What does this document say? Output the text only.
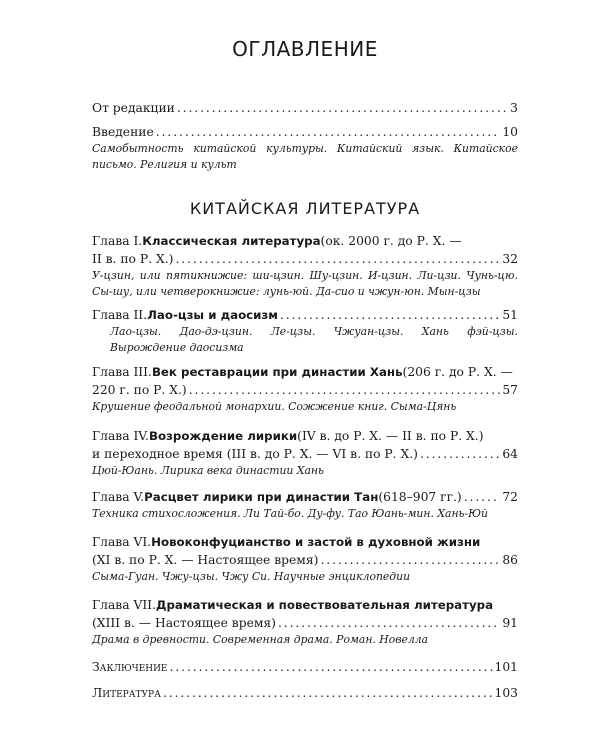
ОГЛАВЛЕНИЕ
От редакции . . .	3
Введение . . .	10
Самобытность китайской культуры. Китайский язык. Китайское письмо. Религия и культ
КИТАЙСКАЯ ЛИТЕРАТУРА
Глава I. Классическая литература (ок. 2000 г. до Р. Х. —
II в. по Р. Х.) . . .	32
У-цзин, или пятикнижие: ши-цзин. Шу-цзин. И-цзин. Ли-цзи. Чунь-цю. Сы-шу, или четверокнижие: лунь-юй. Да-сио и чжун-юн. Мын-цзы
Глава II. Лао-цзы и даосизм . . .	51
Лао-цзы. Дао-дэ-цзин. Ле-цзы. Чжуан-цзы. Хань фэй-цзы. Вырождение даосизма
Глава III. Век реставрации при династии Хань (206 г. до Р. Х. —
220 г. по Р. Х.) . . .	57
Крушение феодальной монархии. Сожжение книг. Сыма-Цянь
Глава IV. Возрождение лирики (IV в. до Р. Х. — II в. по Р. Х.)
и переходное время (III в. до Р. Х. — VI в. по Р. Х.) . . .	64
Цюй-Юань. Лирика века династии Хань
Глава V. Расцвет лирики при династии Тан (618–907 гг.) . . .	72
Техника стихосложения. Ли Тай-бо. Ду-фу. Тао Юань-мин. Хань-Юй
Глава VI. Новоконфуцианство и застой в духовной жизни
(XI в. по Р. Х. — Настоящее время) . . .	86
Сыма-Гуан. Чжу-цзы. Чжу Си. Научные энциклопедии
Глава VII. Драматическая и повествовательная литература
(XIII в. — Настоящее время) . . .	91
Драма в древности. Современная драма. Роман. Новелла
Заключение . . .	101
Литература . . .	103
